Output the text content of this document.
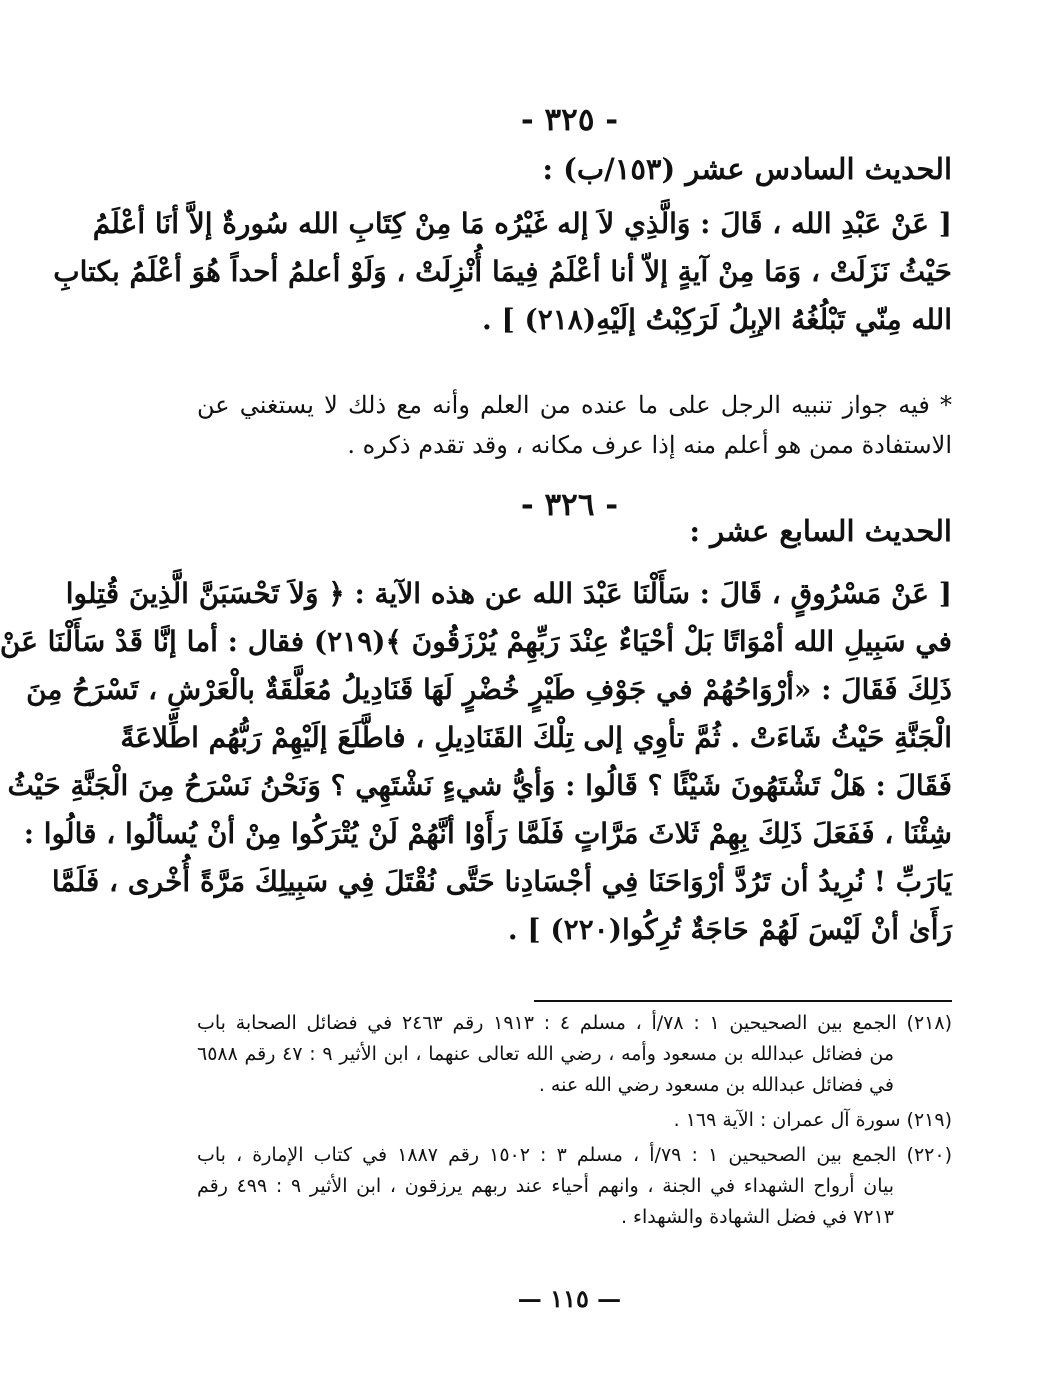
- ٣٢٥ -
الحديث السادس عشر (١٥٣/ب) :
[ عَنْ عَبْدِ الله ، قَالَ : وَالَّذِي لاَ إله غَيْرُه مَا مِنْ كِتَابِ الله سُورةٌ إلاَّ أنَا أعْلَمُ
حَيْثُ نَزَلَتْ ، وَمَا مِنْ آيةٍ إلاّ أنا أعْلَمُ فِيمَا أُنْزِلَتْ ، وَلَوْ أعلمُ أحداً هُوَ أعْلَمُ بكتابِ
الله مِنّي تَبْلُغُهُ الإبِلُ لَرَكِبْتُ إلَيْهِ(٢١٨) ] .
* فيه جواز تنبيه الرجل على ما عنده من العلم وأنه مع ذلك لا يستغني عن
الاستفادة ممن هو أعلم منه إذا عرف مكانه ، وقد تقدم ذكره .
- ٣٢٦ -
الحديث السابع عشر :
[ عَنْ مَسْرُوقٍ ، قَالَ : سَأَلْنَا عَبْدَ الله عن هذه الآية : ﴿ وَلاَ تَحْسَبَنَّ الَّذِينَ قُتِلوا
في سَبِيلِ الله أمْوَاتًا بَلْ أحْيَاءٌ عِنْدَ رَبِّهِمْ يُرْزَقُونَ ﴾(٢١٩) فقال : أما إنَّا قَدْ سَأَلْنَا عَنْ
ذَلِكَ فَقَالَ : «أرْوَاحُهُمْ في جَوْفِ طَيْرٍ خُضْرٍ لَهَا قَنَادِيلُ مُعَلَّقَةٌ بالْعَرْشِ ، تَسْرَحُ مِنَ
الْجَنَّةِ حَيْثُ شَاءَتْ . ثُمَّ تأوِي إلى تِلْكَ القَنَادِيلِ ، فاطَّلَعَ إلَيْهِمْ رَبُّهُم اطِّلاعَةً
فَقَالَ : هَلْ تَشْتَهُونَ شَيْئًا ؟ قَالُوا : وَأيُّ شيءٍ نَشْتَهِي ؟ وَنَحْنُ نَسْرَحُ مِنَ الْجَنَّةِ حَيْثُ
شِئْنَا ، فَفَعَلَ ذَلِكَ بِهِمْ ثَلاثَ مَرَّاتٍ فَلَمَّا رَأَوْا أنَّهُمْ لَنْ يُتْرَكُوا مِنْ أنْ يُسألُوا ، قالُوا :
يَارَبِّ ! نُرِيدُ أن تَرُدَّ أرْوَاحَنَا فِي أجْسَادِنا حَتَّى نُقْتَلَ فِي سَبِيلِكَ مَرَّةً أُخْرى ، فَلَمَّا
رَأَىٰ أنْ لَيْسَ لَهُمْ حَاجَةٌ تُرِكُوا(٢٢٠) ] .
(٢١٨) الجمع بين الصحيحين ١ : ٧٨/أ ، مسلم ٤ : ١٩١٣ رقم ٢٤٦٣ في فضائل الصحابة باب
من فضائل عبدالله بن مسعود وأمه ، رضي الله تعالى عنهما ، ابن الأثير ٩ : ٤٧ رقم ٦٥٨٨
في فضائل عبدالله بن مسعود رضي الله عنه .
(٢١٩) سورة آل عمران : الآية ١٦٩ .
(٢٢٠) الجمع بين الصحيحين ١ : ٧٩/أ ، مسلم ٣ : ١٥٠٢ رقم ١٨٨٧ في كتاب الإمارة ، باب
بيان أرواح الشهداء في الجنة ، وانهم أحياء عند ربهم يرزقون ، ابن الأثير ٩ : ٤٩٩ رقم
٧٢١٣ في فضل الشهادة والشهداء .
— ١١٥ —
